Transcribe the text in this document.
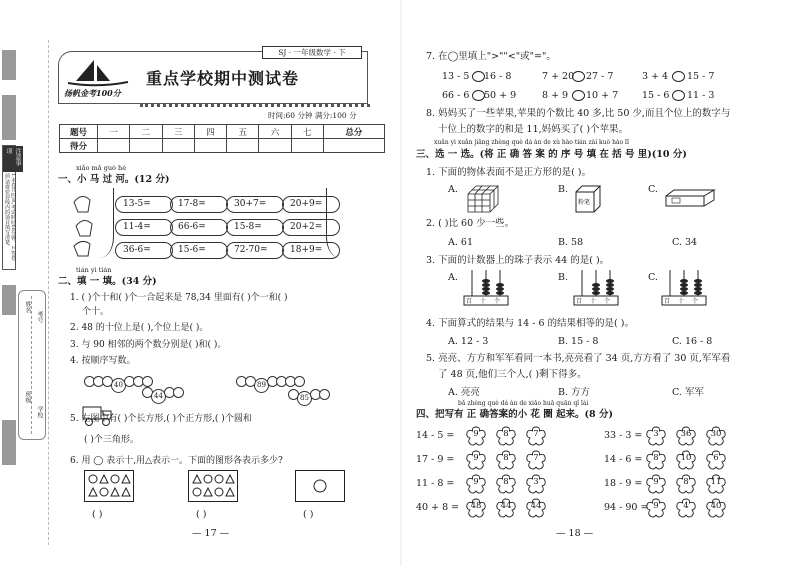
注意事项
1.本卷共四页,考试时间60分钟。2.答卷前,请将密封线内的项目填写清楚。
姓名
考号
班级
学校
SJ · 一年级数学 · 下
扬帆金考100分
重点学校期中测试卷
时间:60 分钟 满分:100 分
题号	一	二	三	四	五	六	七	总分
得分								
xiǎo mǎ guò hé
一、小 马 过 河。(12 分)
13-5=	17-8=	30+7=	20+9=
11-4=	66-6=	15-8=	20+2=
36-6=	15-6=	72-70=	18+9=
tián yi tián
二、填 一 填。(34 分)
1. ( )个十和( )个一合起来是 78,34 里面有( )个一和( )
个十。
2. 48 的十位上是( ),个位上是( )。
3. 与 90 相邻的两个数分别是( )和( )。
4. 按顺序写数。
40
44
89
85
5. 左图中有( )个长方形,( )个正方形,( )个圆和
( )个三角形。
6. 用 ◯ 表示十,用△表示一。下面的图形各表示多少?
( )	( )	( )
— 17 —
7. 在◯里填上">""<"或"="。
13 - 5 16 - 8	7 + 20 27 - 7	3 + 4 15 - 7
66 - 6 50 + 9	8 + 9 10 + 7	15 - 6 11 - 3
8. 妈妈买了一些苹果,苹果的个数比 40 多,比 50 少,而且个位上的数字与
十位上的数字的和是 11,妈妈买了( )个苹果。
xuǎn yi xuǎn jiāng zhèng què dá àn de xù hào tián zài kuò hào lǐ
三、选 一 选。(将 正 确 答 案 的 序 号 填 在 括 号 里)(10 分)
1. 下面的物体表面不是正方形的是( )。
A.	B.
粉笔
C.
2. ( )比 60 少一些。
A. 61	B. 58	C. 34
3. 下面的计数器上的珠子表示 44 的是( )。
A.	B.	C.
百 十 个	百 十 个	百 十 个
4. 下面算式的结果与 14 - 6 的结果相等的是( )。
A. 12 - 3	B. 15 - 8	C. 16 - 8
5. 亮亮、方方和军军看同一本书,亮亮看了 34 页,方方看了 30 页,军军看
了 48 页,他们三个人,( )剩下得多。
A. 亮亮	B. 方方	C. 军军
bǎ zhèng què dá àn de xiǎo huā quān qǐ lái
四、把写有 正 确答案的小 花 圈 起来。(8 分)
14 - 5 =	9	8	7
17 - 9 =	9	8	7
11 - 8 =	9	8	3
40 + 8 =	48	44	44
33 - 3 =	3	36	30
14 - 6 =	8	10	6
18 - 9 =	9	8	11
94 - 90 = 9	4	40
— 18 —
